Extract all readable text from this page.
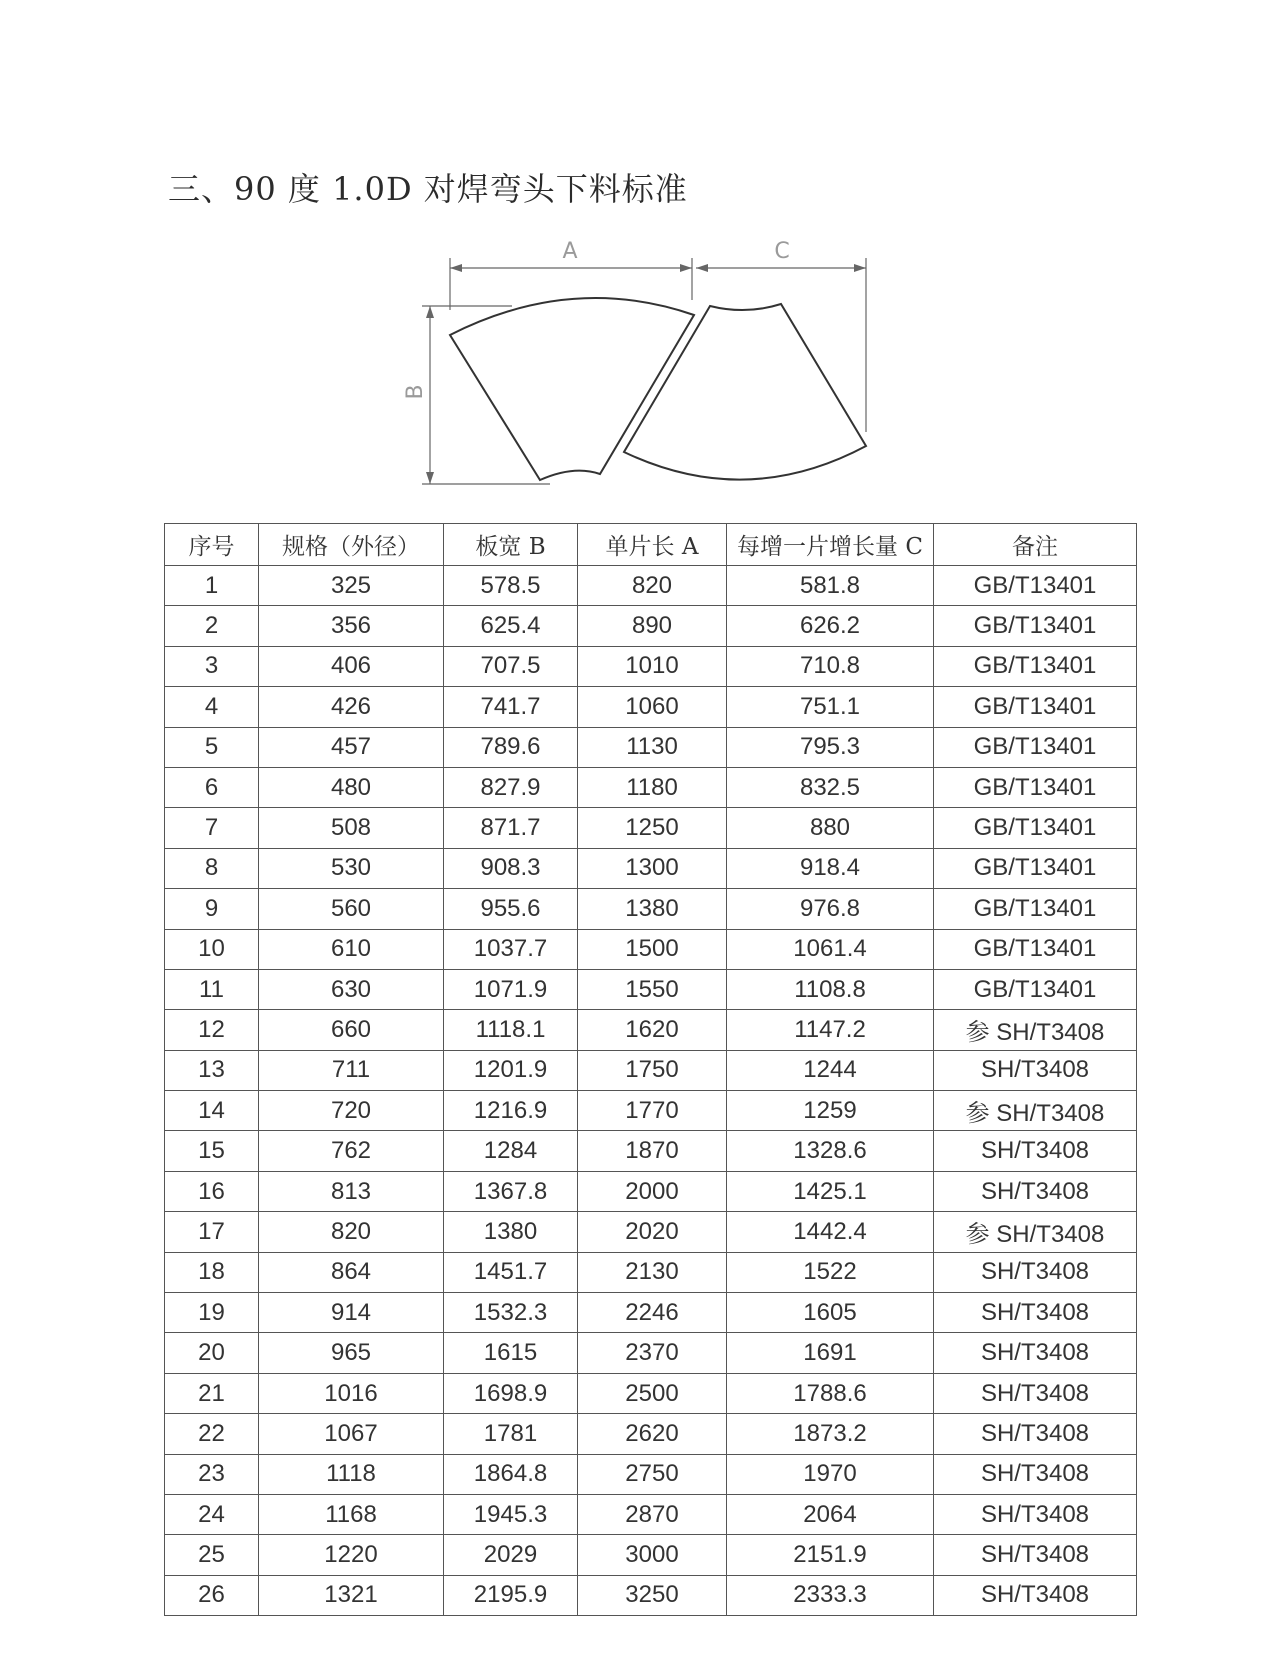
三、90 度 1.0D 对焊弯头下料标准
A	C
B
序号	规格（外径）	板宽 B	单片长 A	每增一片增长量 C	备注
1	325	578.5	820	581.8	GB/T13401
2	356	625.4	890	626.2	GB/T13401
3	406	707.5	1010	710.8	GB/T13401
4	426	741.7	1060	751.1	GB/T13401
5	457	789.6	1130	795.3	GB/T13401
6	480	827.9	1180	832.5	GB/T13401
7	508	871.7	1250	880	GB/T13401
8	530	908.3	1300	918.4	GB/T13401
9	560	955.6	1380	976.8	GB/T13401
10	610	1037.7	1500	1061.4	GB/T13401
11	630	1071.9	1550	1108.8	GB/T13401
12	660	1118.1	1620	1147.2	参 SH/T3408
13	711	1201.9	1750	1244	SH/T3408
14	720	1216.9	1770	1259	参 SH/T3408
15	762	1284	1870	1328.6	SH/T3408
16	813	1367.8	2000	1425.1	SH/T3408
17	820	1380	2020	1442.4	参 SH/T3408
18	864	1451.7	2130	1522	SH/T3408
19	914	1532.3	2246	1605	SH/T3408
20	965	1615	2370	1691	SH/T3408
21	1016	1698.9	2500	1788.6	SH/T3408
22	1067	1781	2620	1873.2	SH/T3408
23	1118	1864.8	2750	1970	SH/T3408
24	1168	1945.3	2870	2064	SH/T3408
25	1220	2029	3000	2151.9	SH/T3408
26	1321	2195.9	3250	2333.3	SH/T3408
